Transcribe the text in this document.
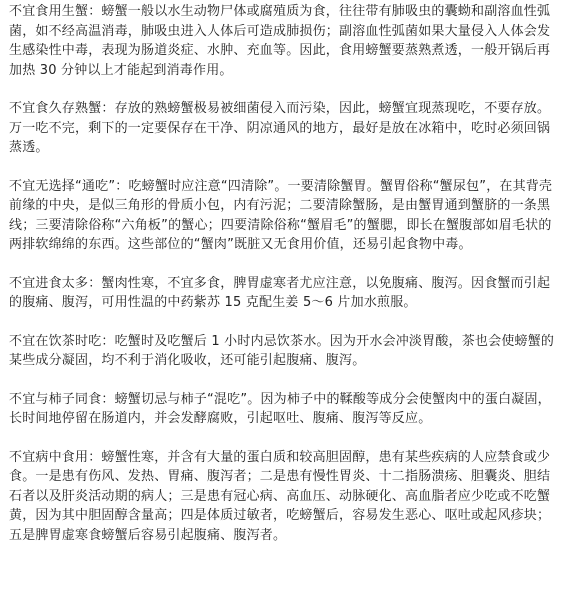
不宜食用生蟹：螃蟹一般以水生动物尸体或腐殖质为食，往往带有肺吸虫的囊蚴和副溶血性弧菌，如不经高温消毒，肺吸虫进入人体后可造成肺损伤；副溶血性弧菌如果大量侵入人体会发生感染性中毒，表现为肠道炎症、水肿、充血等。因此，食用螃蟹要蒸熟煮透，一般开锅后再加热 30 分钟以上才能起到消毒作用。

不宜食久存熟蟹：存放的熟螃蟹极易被细菌侵入而污染，因此，螃蟹宜现蒸现吃，不要存放。万一吃不完，剩下的一定要保存在干净、阴凉通风的地方，最好是放在冰箱中，吃时必须回锅蒸透。

不宜无选择“通吃”：吃螃蟹时应注意“四清除”。一要清除蟹胃。蟹胃俗称“蟹尿包”，在其背壳前缘的中央，是似三角形的骨质小包，内有污泥；二要清除蟹肠，是由蟹胃通到蟹脐的一条黑线；三要清除俗称“六角板”的蟹心；四要清除俗称“蟹眉毛”的蟹腮，即长在蟹腹部如眉毛状的两排软绵绵的东西。这些部位的“蟹肉”既脏又无食用价值，还易引起食物中毒。

不宜进食太多：蟹肉性寒，不宜多食，脾胃虚寒者尤应注意，以免腹痛、腹泻。因食蟹而引起的腹痛、腹泻，可用性温的中药紫苏 15 克配生姜 5～6 片加水煎服。

不宜在饮茶时吃：吃蟹时及吃蟹后 1 小时内忌饮茶水。因为开水会冲淡胃酸，茶也会使螃蟹的某些成分凝固，均不利于消化吸收，还可能引起腹痛、腹泻。

不宜与柿子同食：螃蟹切忌与柿子“混吃”。因为柿子中的鞣酸等成分会使蟹肉中的蛋白凝固，长时间地停留在肠道内，并会发酵腐败，引起呕吐、腹痛、腹泻等反应。

不宜病中食用：螃蟹性寒，并含有大量的蛋白质和较高胆固醇，患有某些疾病的人应禁食或少食。一是患有伤风、发热、胃痛、腹泻者；二是患有慢性胃炎、十二指肠溃疡、胆囊炎、胆结石者以及肝炎活动期的病人；三是患有冠心病、高血压、动脉硬化、高血脂者应少吃或不吃蟹黄，因为其中胆固醇含量高；四是体质过敏者，吃螃蟹后，容易发生恶心、呕吐或起风疹块；五是脾胃虚寒食螃蟹后容易引起腹痛、腹泻者。
